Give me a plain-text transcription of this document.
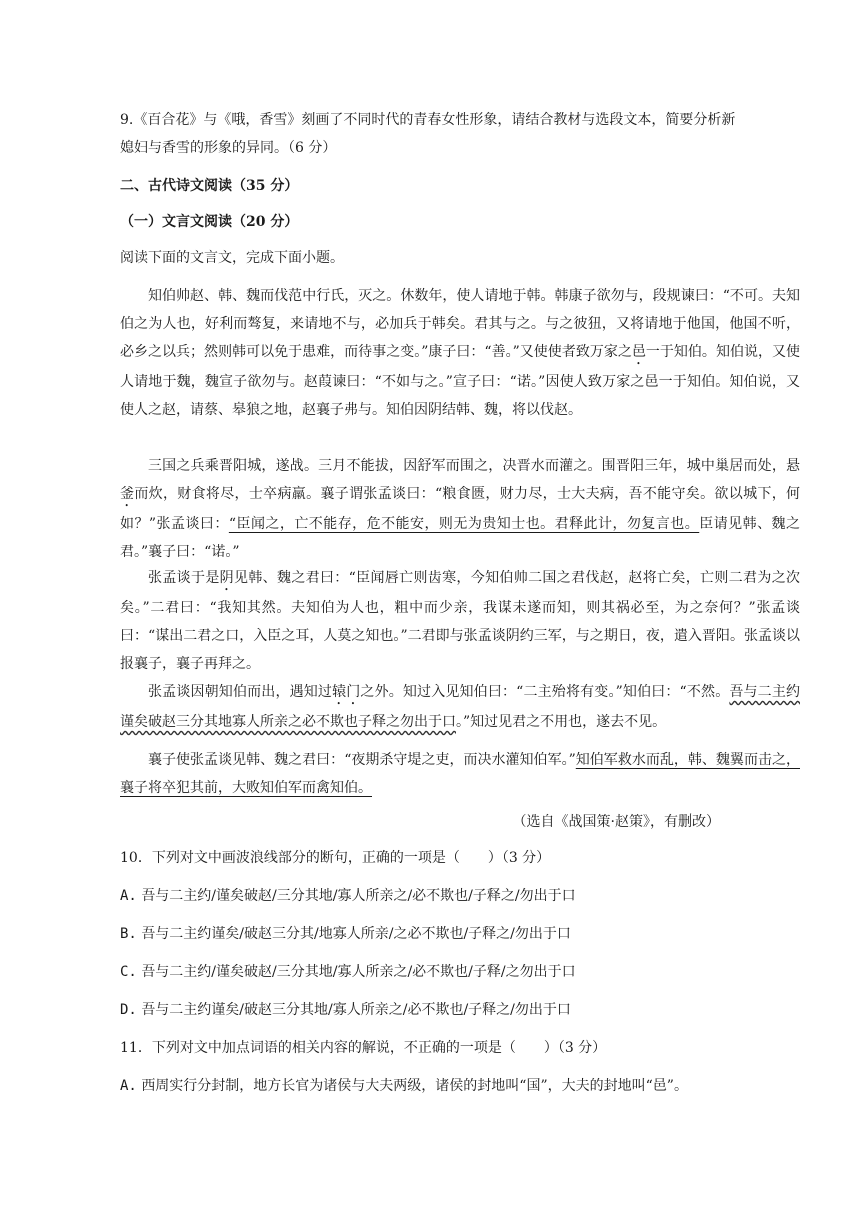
9.《百合花》与《哦，香雪》刻画了不同时代的青春女性形象，请结合教材与选段文本，简要分析新
媳妇与香雪的形象的异同。（6 分）
二、古代诗文阅读（35 分）
（一）文言文阅读（20 分）
阅读下面的文言文，完成下面小题。
知伯帅赵、韩、魏而伐范中行氏，灭之。休数年，使人请地于韩。韩康子欲勿与，段规谏曰：“不可。夫知伯之为人也，好利而骜复，来请地不与，必加兵于韩矣。君其与之。与之彼狃，又将请地于他国，他国不听，必乡之以兵；然则韩可以免于患难，而待事之变。”康子曰：“善。”又使使者致万家之邑一于知伯。知伯说，又使人请地于魏，魏宣子欲勿与。赵葭谏曰：“不如与之。”宣子曰：“诺。”因使人致万家之邑一于知伯。知伯说，又使人之赵，请蔡、皋狼之地，赵襄子弗与。知伯因阴结韩、魏，将以伐赵。
三国之兵乘晋阳城，遂战。三月不能拔，因舒军而围之，决晋水而灌之。围晋阳三年，城中巢居而处，悬釜而炊，财食将尽，士卒病羸。襄子谓张孟谈曰：“粮食匮，财力尽，士大夫病，吾不能守矣。欲以城下，何如？”张孟谈曰：“臣闻之，亡不能存，危不能安，则无为贵知士也。君释此计，勿复言也。臣请见韩、魏之君。”襄子曰：“诺。”
张孟谈于是阴见韩、魏之君曰：“臣闻唇亡则齿寒，今知伯帅二国之君伐赵，赵将亡矣，亡则二君为之次矣。”二君曰：“我知其然。夫知伯为人也，粗中而少亲，我谋未遂而知，则其祸必至，为之奈何？”张孟谈曰：“谋出二君之口，入臣之耳，人莫之知也。”二君即与张孟谈阴约三军，与之期日，夜，遣入晋阳。张孟谈以报襄子，襄子再拜之。
张孟谈因朝知伯而出，遇知过辕门之外。知过入见知伯曰：“二主殆将有变。”知伯曰：“不然。吾与二主约谨矣破赵三分其地寡人所亲之必不欺也子释之勿出于口。”知过见君之不用也，遂去不见。
襄子使张孟谈见韩、魏之君曰：“夜期杀守堤之吏，而决水灌知伯军。”知伯军救水而乱，韩、魏翼而击之，襄子将卒犯其前，大败知伯军而禽知伯。
（选自《战国策·赵策》，有删改）
10．下列对文中画波浪线部分的断句，正确的一项是（　　）（3 分）
A. 吾与二主约/谨矣破赵/三分其地/寡人所亲之/必不欺也/子释之/勿出于口
B. 吾与二主约谨矣/破赵三分其/地寡人所亲/之必不欺也/子释之/勿出于口
C. 吾与二主约/谨矣破赵/三分其地/寡人所亲之/必不欺也/子释/之勿出于口
D. 吾与二主约谨矣/破赵三分其地/寡人所亲之/必不欺也/子释之/勿出于口
11．下列对文中加点词语的相关内容的解说，不正确的一项是（　　）（3 分）
A. 西周实行分封制，地方长官为诸侯与大夫两级，诸侯的封地叫“国”，大夫的封地叫“邑”。
